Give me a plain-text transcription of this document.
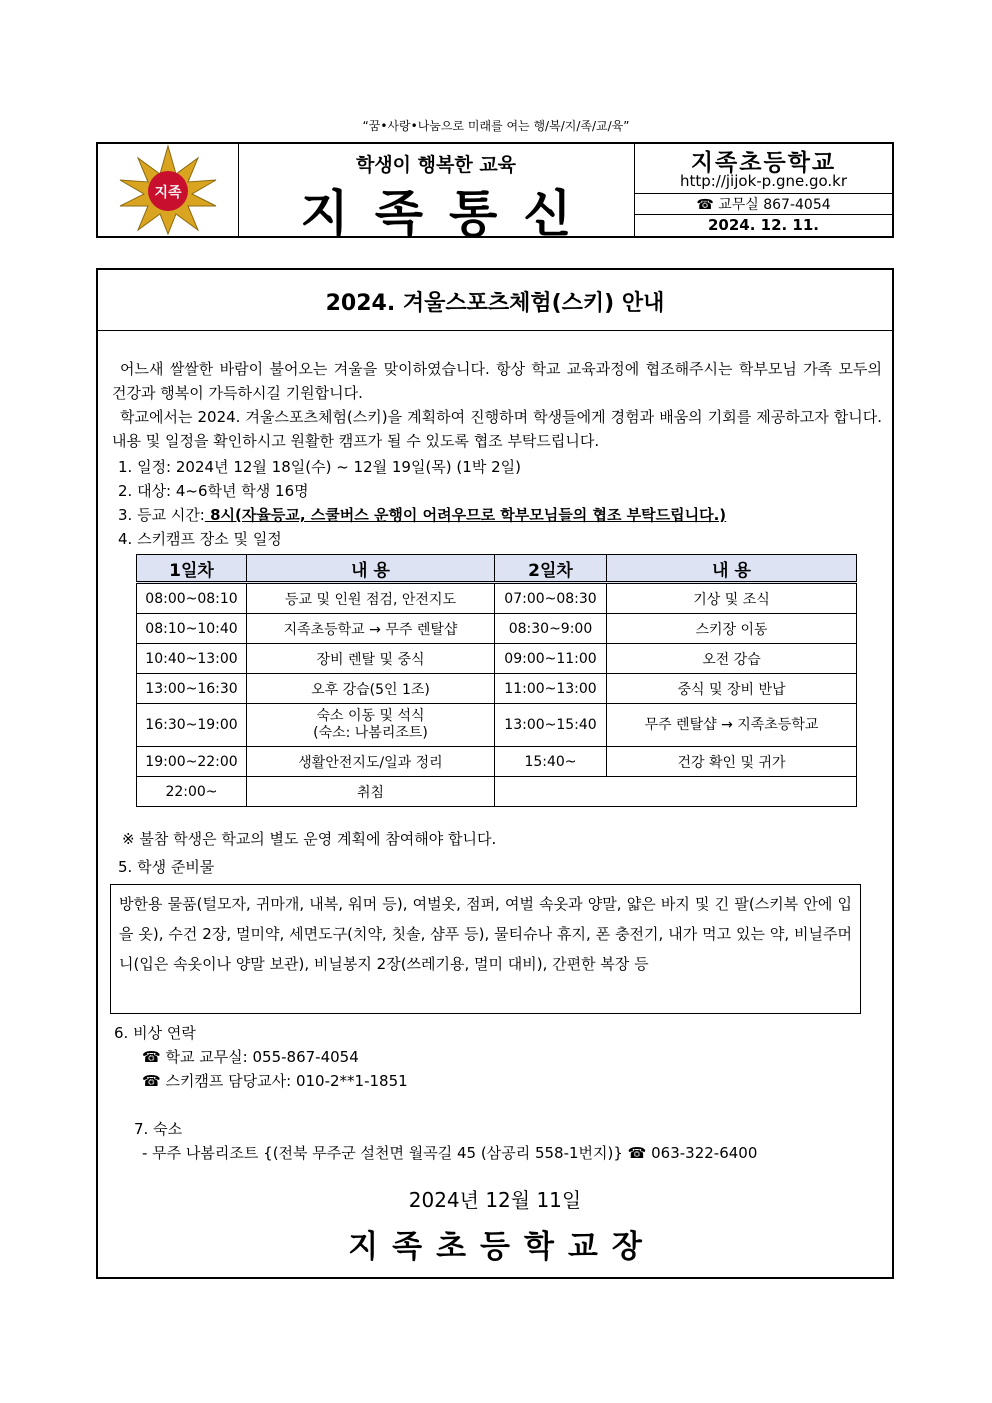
“꿈•사랑•나눔으로 미래를 여는 행/복/지/족/교/육”
지족
학생이 행복한 교육
지족통신
지족초등학교
http://jijok-p.gne.go.kr
☎ 교무실 867-4054
2024. 12. 11.
2024. 겨울스포츠체험(스키) 안내
어느새 쌀쌀한 바람이 불어오는 겨울을 맞이하였습니다. 항상 학교 교육과정에 협조해주시는 학부모님 가족 모두의 건강과 행복이 가득하시길 기원합니다.
학교에서는 2024. 겨울스포츠체험(스키)을 계획하여 진행하며 학생들에게 경험과 배움의 기회를 제공하고자 합니다. 내용 및 일정을 확인하시고 원활한 캠프가 될 수 있도록 협조 부탁드립니다.
1. 일정: 2024년 12월 18일(수) ~ 12월 19일(목) (1박 2일)
2. 대상: 4~6학년 학생 16명
3. 등교 시간: 8시(자율등교, 스쿨버스 운행이 어려우므로 학부모님들의 협조 부탁드립니다.)
4. 스키캠프 장소 및 일정
1일차	내 용	2일차	내 용
08:00~08:10	등교 및 인원 점검, 안전지도	07:00~08:30	기상 및 조식
08:10~10:40	지족초등학교 → 무주 렌탈샵	08:30~9:00	스키장 이동
10:40~13:00	장비 렌탈 및 중식	09:00~11:00	오전 강습
13:00~16:30	오후 강습(5인 1조)	11:00~13:00	중식 및 장비 반납
16:30~19:00	숙소 이동 및 석식
(숙소: 나봄리조트)	13:00~15:40	무주 렌탈샵 → 지족초등학교
19:00~22:00	생활안전지도/일과 정리	15:40~	건강 확인 및 귀가
22:00~	취침		
※ 불참 학생은 학교의 별도 운영 계획에 참여해야 합니다.
5. 학생 준비물
방한용 물품(털모자, 귀마개, 내복, 워머 등), 여벌옷, 점퍼, 여벌 속옷과 양말, 얇은 바지 및 긴 팔(스키복 안에 입을 옷), 수건 2장, 멀미약, 세면도구(치약, 칫솔, 샴푸 등), 물티슈나 휴지, 폰 충전기, 내가 먹고 있는 약, 비닐주머니(입은 속옷이나 양말 보관), 비닐봉지 2장(쓰레기용, 멀미 대비), 간편한 복장 등
6. 비상 연락
☎ 학교 교무실: 055-867-4054
☎ 스키캠프 담당교사: 010-2**1-1851
7. 숙소
- 무주 나봄리조트 {(전북 무주군 설천면 월곡길 45 (삼공리 558-1번지)} ☎ 063-322-6400
2024년 12월 11일
지족초등학교장
